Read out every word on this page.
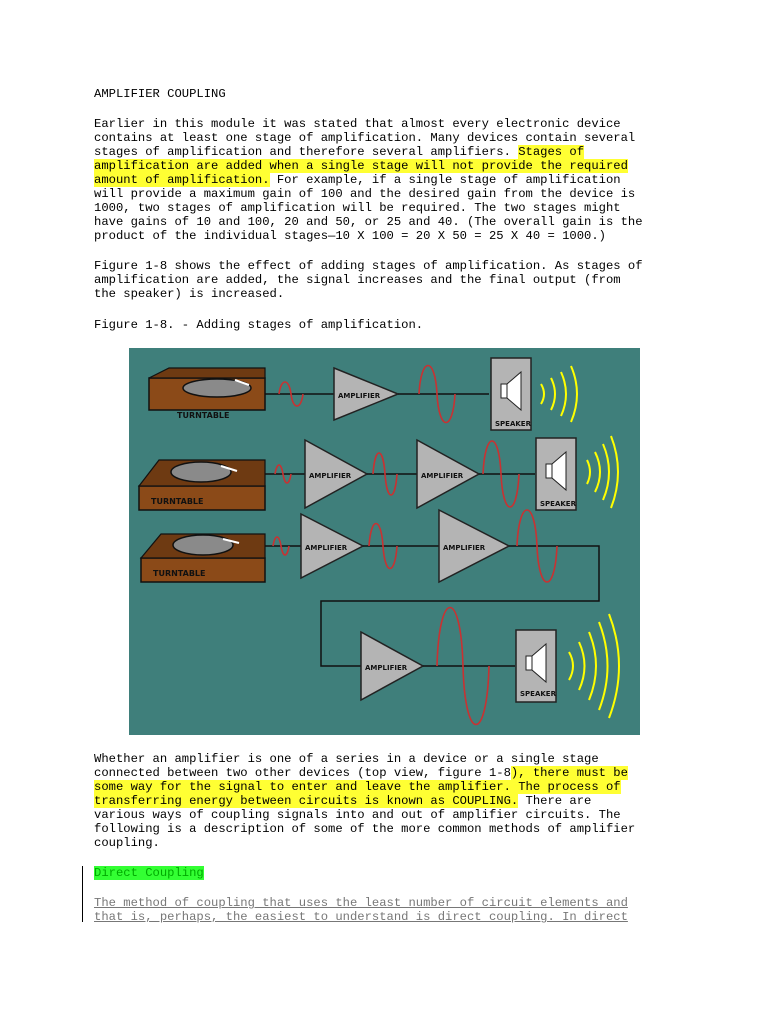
AMPLIFIER COUPLING
Earlier in this module it was stated that almost every electronic device
contains at least one stage of amplification. Many devices contain several
stages of amplification and therefore several amplifiers. Stages of
amplification are added when a single stage will not provide the required
amount of amplification. For example, if a single stage of amplification
will provide a maximum gain of 100 and the desired gain from the device is
1000, two stages of amplification will be required. The two stages might
have gains of 10 and 100, 20 and 50, or 25 and 40. (The overall gain is the
product of the individual stages—10 X 100 = 20 X 50 = 25 X 40 = 1000.)
Figure 1-8 shows the effect of adding stages of amplification. As stages of
amplification are added, the signal increases and the final output (from
the speaker) is increased.
Figure 1-8. - Adding stages of amplification.
TURNTABLE
AMPLIFIER
SPEAKER
TURNTABLE
AMPLIFIER	AMPLIFIER
SPEAKER
TURNTABLE
AMPLIFIER	AMPLIFIER
AMPLIFIER
SPEAKER
Whether an amplifier is one of a series in a device or a single stage
connected between two other devices (top view, figure 1-8), there must be
some way for the signal to enter and leave the amplifier. The process of
transferring energy between circuits is known as COUPLING. There are
various ways of coupling signals into and out of amplifier circuits. The
following is a description of some of the more common methods of amplifier
coupling.
Direct Coupling
The method of coupling that uses the least number of circuit elements and
that is, perhaps, the easiest to understand is direct coupling. In direct
